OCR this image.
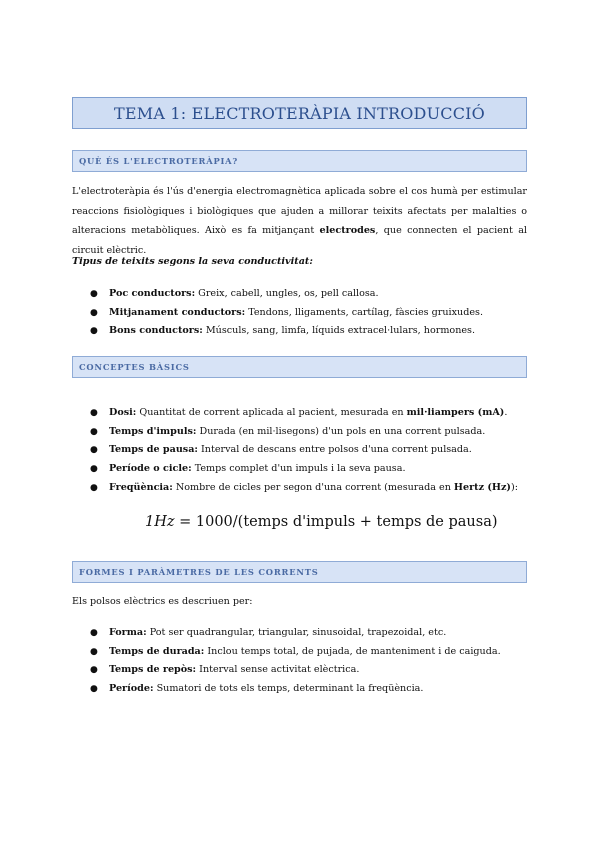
TEMA 1: ELECTROTERÀPIA INTRODUCCIÓ
QUÈ ÉS L'ELECTROTERÀPIA?

L'electroteràpia és l'ús d'energia electromagnètica aplicada sobre el cos humà per estimular reaccions fisiològiques i biològiques que ajuden a millorar teixits afectats per malalties o alteracions metabòliques. Això es fa mitjançant electrodes, que connecten el pacient al circuit elèctric.

Tipus de teixits segons la seva conductivitat:

● Poc conductors: Greix, cabell, ungles, os, pell callosa.
● Mitjanament conductors: Tendons, lligaments, cartílag, fàscies gruixudes.
● Bons conductors: Músculs, sang, limfa, líquids extracel·lulars, hormones.
CONCEPTES BÀSICS
● Dosi: Quantitat de corrent aplicada al pacient, mesurada en mil·liampers (mA).
● Temps d'impuls: Durada (en mil·lisegons) d'un pols en una corrent pulsada.
● Temps de pausa: Interval de descans entre polsos d'una corrent pulsada.
● Període o cicle: Temps complet d'un impuls i la seva pausa.
● Freqüència: Nombre de cicles per segon d'una corrent (mesurada en Hertz (Hz)):
1Hz = 1000/(temps d'impuls + temps de pausa)
FORMES I PARÀMETRES DE LES CORRENTS

Els polsos elèctrics es descriuen per:

● Forma: Pot ser quadrangular, triangular, sinusoidal, trapezoidal, etc.
● Temps de durada: Inclou temps total, de pujada, de manteniment i de caiguda.
● Temps de repòs: Interval sense activitat elèctrica.
● Període: Sumatori de tots els temps, determinant la freqüència.
